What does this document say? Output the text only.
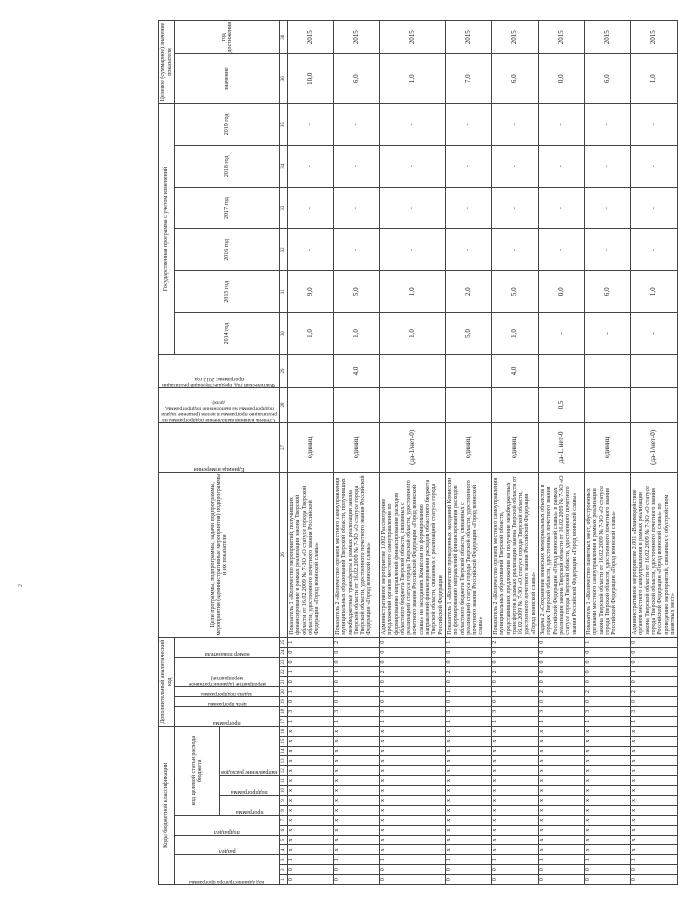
2
Коды бюджетной классификации																Дополнительный аналитический код									Цели программы, подпрограммы, задачи подпрограммы, мероприятия (административные мероприятия) подпрограммы и их показатели	Единица измерения	Степень влияния выполнения подпрограммы на реализацию программы в целом (решение задачи подпрограммы на выполнение подпрограммы, доля)	Фактический год, предшествующий реализации программы: 2013 год	Государственная программа с учетом изменений						Целевое (суммарное) значение показателя	

код администратора программы			раздел		подраздел		код целевой статьи расхода бюджета									программа		цель программы	задача подпрограммы	мероприятие (административное мероприятие)			номер показателя						2014 год	2015 год	2016 год	2017 год	2018 год	2019 год	значение	год достижения

							программа		подпрограмма		направление расходов																									

1	2	3	4	5	6	7	8	9	10	11	12	13	14	15	16	17	18	19	20	21	22	23	24	25	26	27	28	29	30	31	32	33	34	35	36	36
0	0	1	x	x	x	x	x	x	x	x	x	x	x	x	x	1	3	0	1	0	1	0	0	1	Показатель 1 «Количество мероприятий, получивших финансирование в рамках реализации закона Тверской области от 16.02.2009 № 7-ЗО «О статусе города Тверской области, удостоенного почетного звания Российской Федерации «Город воинской славы»	единиц			1,0	9,0	-	-	-	-	10,0	2015
0	0	1	x	x	x	x	x	x	x	x	x	x	x	x	x	1	3	0	1	0	1	0	0	2	Показатель 2 «Количество органов местного самоуправления муниципальных образований Тверской области, получивших межбюджетные трансферты в рамках реализации закона Тверской области от 16.02.2009 № 7-ЗО «О статусе города Тверской области, удостоенного почетного звания Российской Федерации «Город воинской славы»	единиц		4,0	1,0	5,0	-	-	-	-	6,0	2015
0	0	1	x	x	x	x	x	x	x	x	x	x	x	x	x	1	3	0	1	0	2	0	0	0	Административное мероприятие 1.002 Рассмотрение предложений органов местного самоуправления по формированию направлений финансирования расходов областного бюджета Тверской области, связанных с реализацией статуса города Тверской области, удостоенного почетного звания Российской Федерации «Город воинской славы» на заседаниях Комиссии по формированию направлений финансирования расходов областного бюджета Тверской области, связанных с реализацией статуса города Российской Федерации	(да-1/нет-0)			1,0	1,0	-	-	-	-	1,0	2015
0	0	1	x	x	x	x	x	x	x	x	x	x	x	x	x	1	3	0	1	0	2	0	0	1	Показатель 1 «Количество проведенных заседаний Комиссии по формированию направлений финансирования расходов областного бюджета Тверской области, связанных с реализацией статуса города Тверской области, удостоенного почетного звания Российской Федерации «Город воинской славы»	единиц			5,0	2,0	-	-	-	-	7,0	2015
0	0	1	x	x	x	x	x	x	x	x	x	x	x	x	x	1	3	0	1	0	2	0	0	2	Показатель 2 «Количество органов местного самоуправления муниципальных образований Тверской области, представивших предложения на получение межбюджетных трансфертов в рамках реализации закона Тверской области от 16.02.2009 № 7-ЗО «О статусе города Тверской области, удостоенного почетного звания Российской Федерации «Город воинской славы»	единиц		4,0	1,0	5,0	-	-	-	-	6,0	2015
0	0	1	x	x	x	x	x	x	x	x	x	x	x	x	x	1	3	0	2	0	0	0	0	0	Задача 2 «Сохранение воинских мемориальных объектов в городах Тверской области, удостоенных почетного звания Российской Федерации «Город воинской славы» в рамках реализации закона Тверской области от 16.02.2009 № 7-ЗО «О статусе города Тверской области, удостоенного почетного звания Российской Федерации «Город воинской славы»	да-1, нет-0	0,5		-	0,0	-	-	-	-	0,0	2015
0	0	1	x	x	x	x	x	x	x	x	x	x	x	x	x	1	3	0	2	0	0	0	0	1	Показатель 1 «Количество памятных мест, обустроенных органами местного самоуправления в рамках реализации закона Тверской области от 16.02.2009 № 7-ЗО «О статусе города Тверской области, удостоенного почетного звания Российской Федерации «Город воинской славы»	единиц			-	6,0	-	-	-	-	6,0	2015
0	0	1	x	x	x	x	x	x	x	x	x	x	x	x	x	1	3	0	2	0	1	0	0	0	Административное мероприятие 2.001 «Взаимодействие органов местного самоуправления в рамках реализации закона Тверской области от 16.02.2009 № 7-ЗО «О статусе города Тверской области, удостоенного почетного звания Российской Федерации «Город воинской славы» по проведению мероприятий, связанных с обустройством памятных мест»	(да-1/нет-0)			-	1,0	-	-	-	-	1,0	2015
